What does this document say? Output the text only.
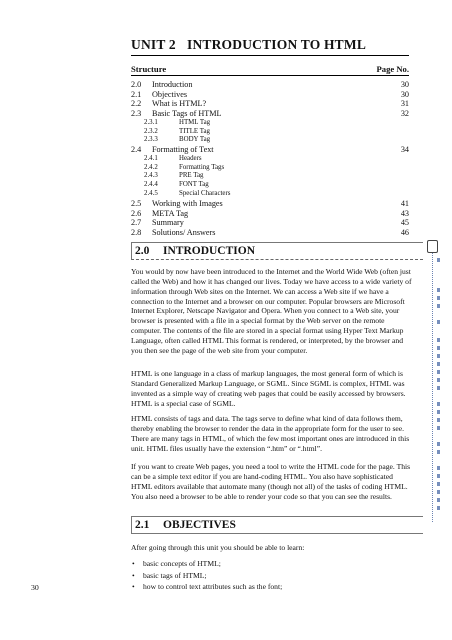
UNIT 2 INTRODUCTION TO HTML
Structure	Page No.
2.0 Introduction	30
2.1 Objectives	30
2.2 What is HTML?	31
2.3 Basic Tags of HTML	32
2.3.1	HTML Tag
2.3.2	TITLE Tag
2.3.3	BODY Tag
2.4 Formatting of Text	34
2.4.1	Headers
2.4.2	Formatting Tags
2.4.3	PRE Tag
2.4.4	FONT Tag
2.4.5	Special Characters
2.5 Working with Images	41
2.6 META Tag	43
2.7 Summary	45
2.8 Solutions/ Answers	46
2.0 INTRODUCTION

You would by now have been introduced to the Internet and the World Wide Web (often just called the Web) and how it has changed our lives. Today we have access to a wide variety of information through Web sites on the Internet. We can access a Web site if we have a connection to the Internet and a browser on our computer. Popular browsers are Microsoft Internet Explorer, Netscape Navigator and Opera. When you connect to a Web site, your browser is presented with a file in a special format by the Web server on the remote computer. The contents of the file are stored in a special format using Hyper Text Markup Language, often called HTML This format is rendered, or interpreted, by the browser and you then see the page of the web site from your computer.

HTML is one language in a class of markup languages, the most general form of which is Standard Generalized Markup Language, or SGML. Since SGML is complex, HTML was invented as a simple way of creating web pages that could be easily accessed by browsers. HTML is a special case of SGML.

HTML consists of tags and data. The tags serve to define what kind of data follows them, thereby enabling the browser to render the data in the appropriate form for the user to see. There are many tags in HTML, of which the few most important ones are introduced in this unit. HTML files usually have the extension “.htm” or “.html”.

If you want to create Web pages, you need a tool to write the HTML code for the page. This can be a simple text editor if you are hand-coding HTML. You also have sophisticated HTML editors available that automate many (though not all) of the tasks of coding HTML. You also need a browser to be able to render your code so that you can see the results.

2.1 OBJECTIVES

After going through this unit you should be able to learn:

• basic concepts of HTML;
• basic tags of HTML;
• how to control text attributes such as the font;
30
